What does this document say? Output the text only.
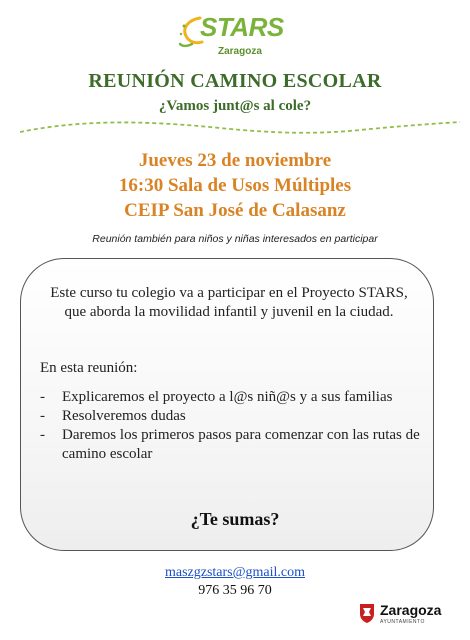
STARS
Zaragoza
REUNIÓN CAMINO ESCOLAR
¿Vamos junt@s al cole?
Jueves 23 de noviembre
16:30 Sala de Usos Múltiples
CEIP San José de Calasanz
Reunión también para niños y niñas interesados en participar
Este curso tu colegio va a participar en el Proyecto STARS, que aborda la movilidad infantil y juvenil en la ciudad.
En esta reunión:
- Explicaremos el proyecto a l@s niñ@s y a sus familias
- Resolveremos dudas
- Daremos los primeros pasos para comenzar con las rutas de camino escolar
¿Te sumas?
maszgzstars@gmail.com
976 35 96 70
Zaragoza
AYUNTAMIENTO
